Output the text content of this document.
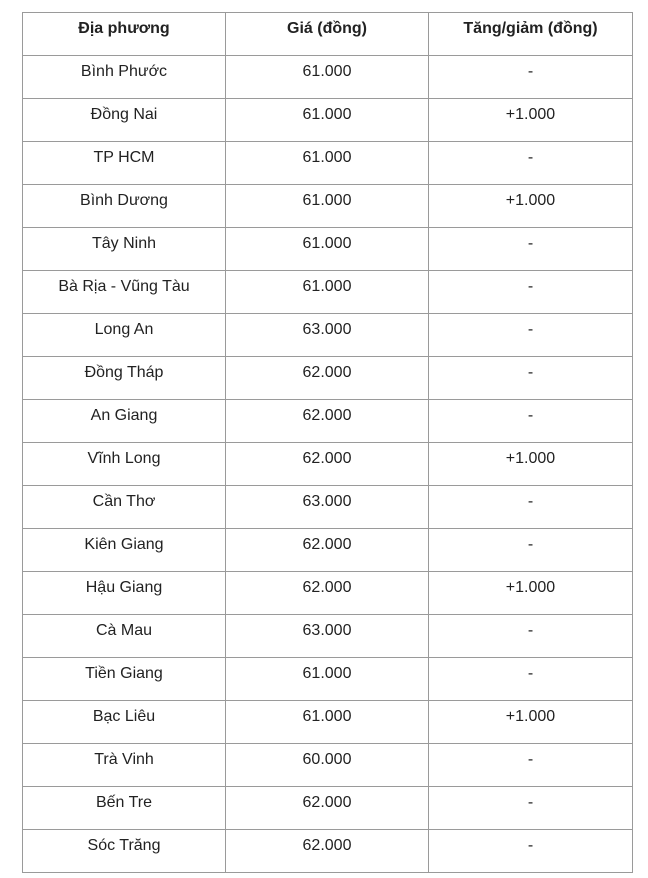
Địa phương	Giá (đồng)	Tăng/giảm (đồng)

Bình Phước	61.000	-

Đồng Nai	61.000	+1.000

TP HCM	61.000	-

Bình Dương	61.000	+1.000

Tây Ninh	61.000	-

Bà Rịa - Vũng Tàu	61.000	-

Long An	63.000	-

Đồng Tháp	62.000	-

An Giang	62.000	-

Vĩnh Long	62.000	+1.000

Cần Thơ	63.000	-

Kiên Giang	62.000	-

Hậu Giang	62.000	+1.000

Cà Mau	63.000	-

Tiền Giang	61.000	-

Bạc Liêu	61.000	+1.000

Trà Vinh	60.000	-

Bến Tre	62.000	-

Sóc Trăng	62.000	-
